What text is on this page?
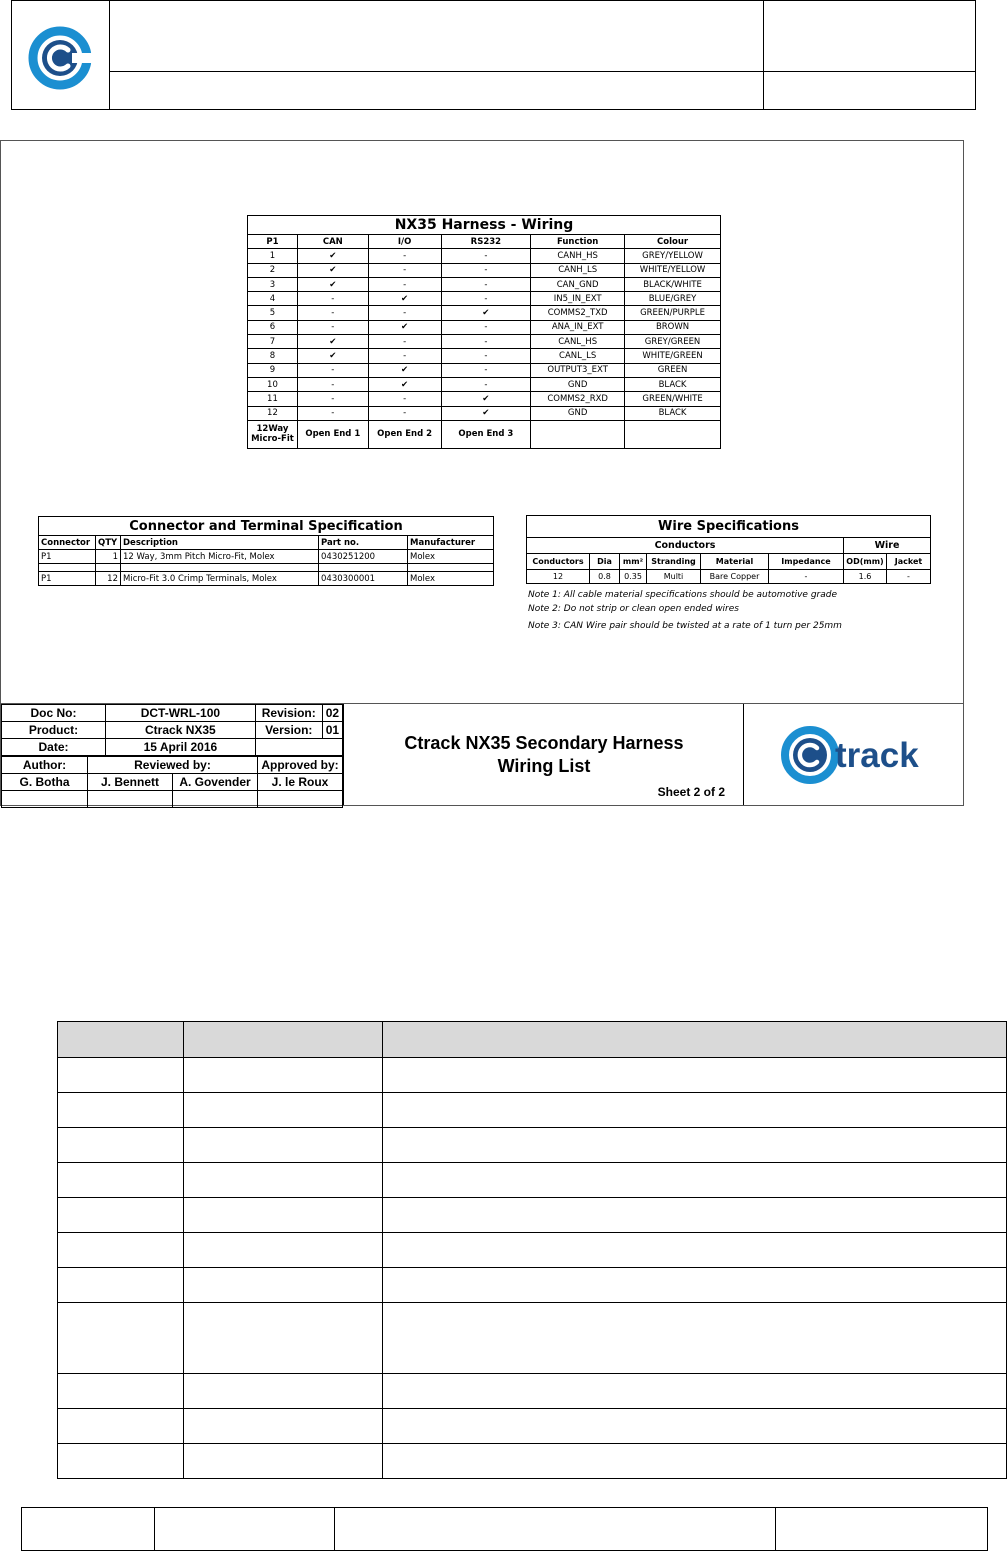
NX35 Harness - Wiring					
P1	CAN	I/O	RS232	Function	Colour
1	✔	-	-	CANH_HS	GREY/YELLOW
2	✔	-	-	CANH_LS	WHITE/YELLOW
3	✔	-	-	CAN_GND	BLACK/WHITE
4	-	✔	-	IN5_IN_EXT	BLUE/GREY
5	-	-	✔	COMMS2_TXD	GREEN/PURPLE
6	-	✔	-	ANA_IN_EXT	BROWN
7	✔	-	-	CANL_HS	GREY/GREEN
8	✔	-	-	CANL_LS	WHITE/GREEN
9	-	✔	-	OUTPUT3_EXT	GREEN
10	-	✔	-	GND	BLACK
11	-	-	✔	COMMS2_RXD	GREEN/WHITE
12	-	-	✔	GND	BLACK
12Way
Micro-Fit	Open End 1	Open End 2	Open End 3		
Connector and Terminal Specification				
Connector	QTY	Description	Part no.	Manufacturer
P1	1	12 Way, 3mm Pitch Micro-Fit, Molex	0430251200	Molex

P1	12	Micro-Fit 3.0 Crimp Terminals, Molex	0430300001	Molex
Wire Specifications							
Conductors						Wire	
Conductors	Dia	mm²	Stranding	Material	Impedance	OD(mm)	Jacket
12	0.8	0.35	Multi	Bare Copper	-	1.6	-
Note 1: All cable material specifications should be automotive grade
Note 2: Do not strip or clean open ended wires
Note 3: CAN Wire pair should be twisted at a rate of 1 turn per 25mm
Doc No:	DCT-WRL-100	Revision:	02
Product:	Ctrack NX35	Version:	01
Date:	15 April 2016		
Author:	Reviewed by:		Approved by:
G. Botha	J. Bennett	A. Govender	J. le Roux

Ctrack NX35 Secondary Harness
Wiring List
Sheet 2 of 2
track
